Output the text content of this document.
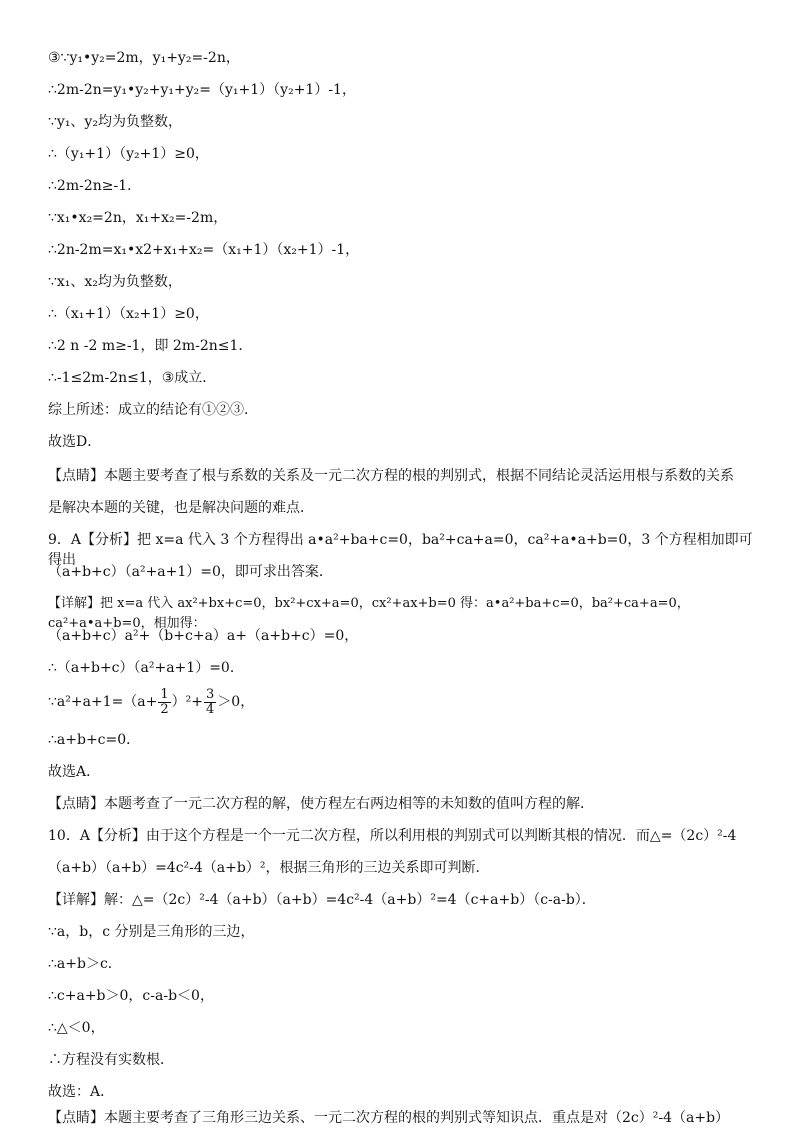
③∵y₁•y₂=2m，y₁+y₂=-2n，
∴2m-2n=y₁•y₂+y₁+y₂=（y₁+1）（y₂+1）-1，
∵y₁、y₂均为负整数，
∴（y₁+1）（y₂+1）≥0，
∴2m-2n≥-1．
∵x₁•x₂=2n，x₁+x₂=-2m，
∴2n-2m=x₁•x2+x₁+x₂=（x₁+1）（x₂+1）-1，
∵x₁、x₂均为负整数，
∴（x₁+1）（x₂+1）≥0，
∴2 n -2 m≥-1，即 2m-2n≤1．
∴-1≤2m-2n≤1，③成立．
综上所述：成立的结论有①②③．
故选D．
【点睛】本题主要考查了根与系数的关系及一元二次方程的根的判别式，根据不同结论灵活运用根与系数的关系
是解决本题的关键，也是解决问题的难点．
9．A【分析】把 x=a 代入 3 个方程得出 a•a²+ba+c=0，ba²+ca+a=0，ca²+a•a+b=0，3 个方程相加即可得出
（a+b+c）（a²+a+1）=0，即可求出答案．
【详解】把 x=a 代入 ax²+bx+c=0，bx²+cx+a=0，cx²+ax+b=0 得：a•a²+ba+c=0，ba²+ca+a=0，ca²+a•a+b=0，相加得：
（a+b+c）a²+（b+c+a）a+（a+b+c）=0，
∴（a+b+c）（a²+a+1）=0．
∵a²+a+1=（a+ $\frac{1}{2} )^2+ \frac{3}{4} >0$，
∴a+b+c=0．
故选A．
【点睛】本题考查了一元二次方程的解，使方程左右两边相等的未知数的值叫方程的解．
10．A【分析】由于这个方程是一个一元二次方程，所以利用根的判别式可以判断其根的情况．而△=（2c）²-4
（a+b）（a+b）=4c²-4（a+b）²，根据三角形的三边关系即可判断．
【详解】解：△=（2c）²-4（a+b）（a+b）=4c²-4（a+b）²=4（c+a+b）（c-a-b）．
∵a，b，c 分别是三角形的三边，
∴a+b＞c．
∴c+a+b＞0，c-a-b＜0，
∴△＜0，
∴方程没有实数根．
故选：A．
【点睛】本题主要考查了三角形三边关系、一元二次方程的根的判别式等知识点．重点是对（2c）²-4（a+b）
